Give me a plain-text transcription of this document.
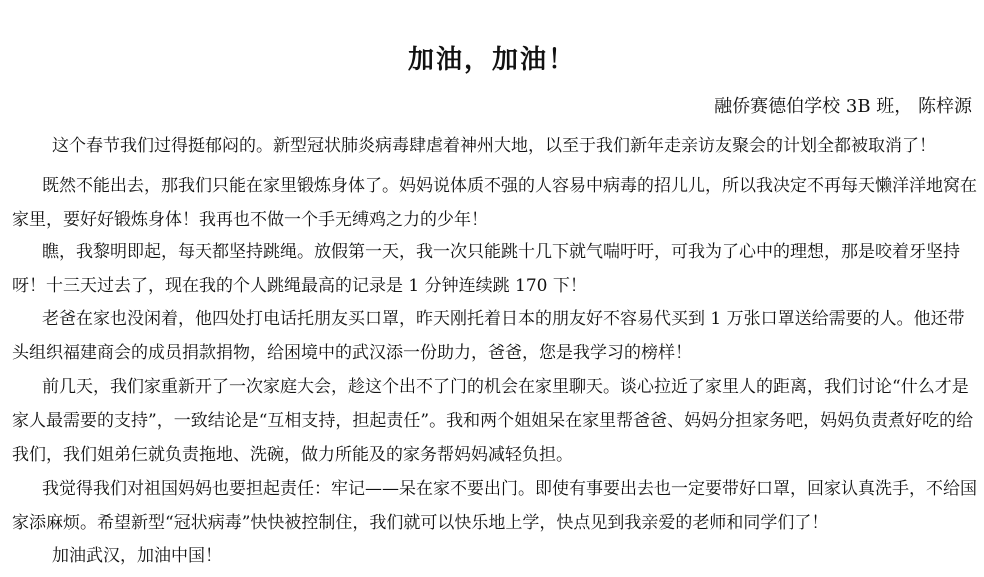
加油，加油！
融侨赛德伯学校 3B 班， 陈梓源
这个春节我们过得挺郁闷的。新型冠状肺炎病毒肆虐着神州大地，以至于我们新年走亲访友聚会的计划全都被取消了！
既然不能出去，那我们只能在家里锻炼身体了。妈妈说体质不强的人容易中病毒的招儿儿，所以我决定不再每天懒洋洋地窝在家里，要好好锻炼身体！我再也不做一个手无缚鸡之力的少年！
瞧，我黎明即起，每天都坚持跳绳。放假第一天，我一次只能跳十几下就气喘吁吁，可我为了心中的理想，那是咬着牙坚持呀！十三天过去了，现在我的个人跳绳最高的记录是 1 分钟连续跳 170 下！
老爸在家也没闲着，他四处打电话托朋友买口罩，昨天刚托着日本的朋友好不容易代买到 1 万张口罩送给需要的人。他还带头组织福建商会的成员捐款捐物，给困境中的武汉添一份助力，爸爸，您是我学习的榜样！
前几天，我们家重新开了一次家庭大会，趁这个出不了门的机会在家里聊天。谈心拉近了家里人的距离，我们讨论“什么才是家人最需要的支持”，一致结论是“互相支持，担起责任”。我和两个姐姐呆在家里帮爸爸、妈妈分担家务吧，妈妈负责煮好吃的给我们，我们姐弟仨就负责拖地、洗碗，做力所能及的家务帮妈妈减轻负担。
我觉得我们对祖国妈妈也要担起责任：牢记——呆在家不要出门。即使有事要出去也一定要带好口罩，回家认真洗手，不给国家添麻烦。希望新型“冠状病毒”快快被控制住，我们就可以快乐地上学，快点见到我亲爱的老师和同学们了！
加油武汉，加油中国！
